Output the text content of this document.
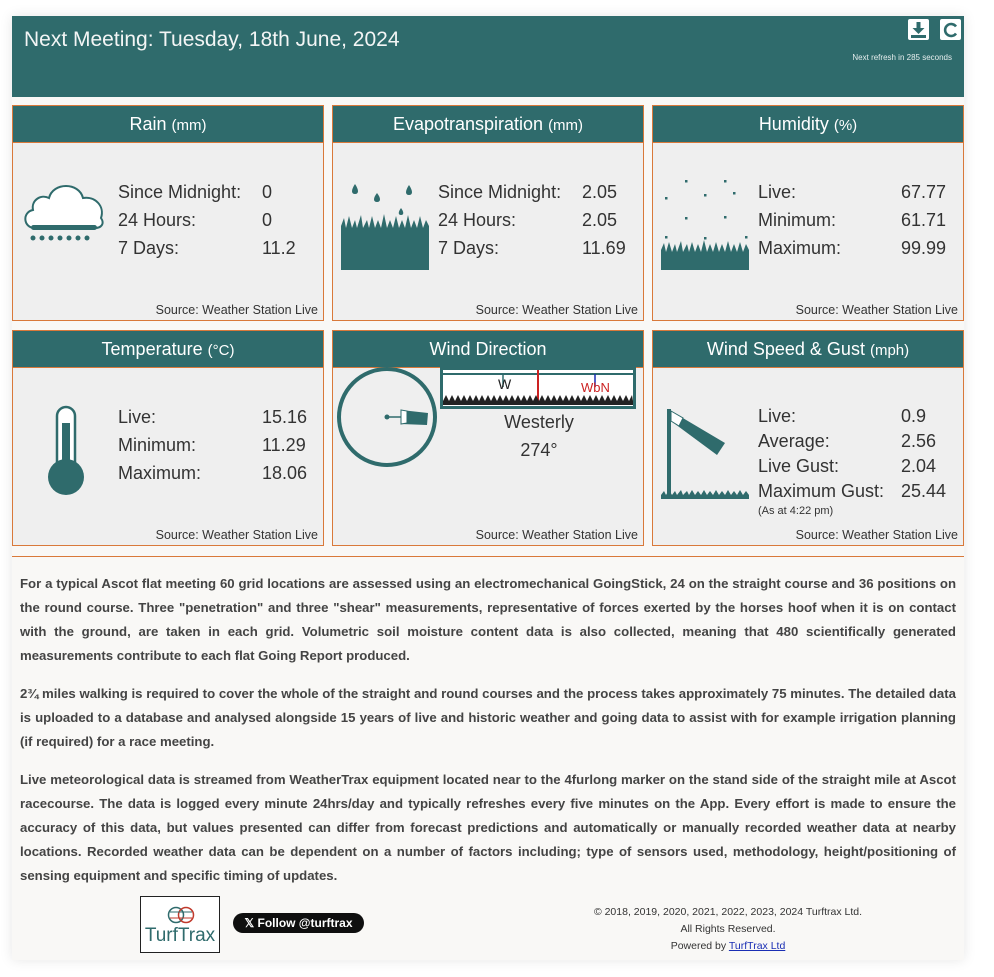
Next Meeting: Tuesday, 18th June, 2024
Next refresh in 285 seconds
Rain (mm)
Since Midnight: 0
24 Hours:	0
7 Days:	11.2
Source: Weather Station Live
Evapotranspiration (mm)
Since Midnight: 2.05
24 Hours:	2.05
7 Days:	11.69
Source: Weather Station Live
Humidity (%)
Live:	67.77
Minimum:	61.71
Maximum:	99.99
Source: Weather Station Live
Temperature (°C)
Live:	15.16
Minimum:	11.29
Maximum:	18.06
Source: Weather Station Live
Wind Direction
W	WbN
Westerly
274°
Source: Weather Station Live
Wind Speed & Gust (mph)
Live:	0.9
Average:	2.56
Live Gust:	2.04
Maximum Gust: 25.44
(As at 4:22 pm)
Source: Weather Station Live

For a typical Ascot flat meeting 60 grid locations are assessed using an electromechanical GoingStick, 24 on the straight course and 36 positions on the round course. Three "penetration" and three "shear" measurements, representative of forces exerted by the horses hoof when it is on contact with the ground, are taken in each grid. Volumetric soil moisture content data is also collected, meaning that 480 scientifically generated measurements contribute to each flat Going Report produced.

2¾ miles walking is required to cover the whole of the straight and round courses and the process takes approximately 75 minutes. The detailed data is uploaded to a database and analysed alongside 15 years of live and historic weather and going data to assist with for example irrigation planning (if required) for a race meeting.

Live meteorological data is streamed from WeatherTrax equipment located near to the 4furlong marker on the stand side of the straight mile at Ascot racecourse. The data is logged every minute 24hrs/day and typically refreshes every five minutes on the App. Every effort is made to ensure the accuracy of this data, but values presented can differ from forecast predictions and automatically or manually recorded weather data at nearby locations. Recorded weather data can be dependent on a number of factors including; type of sensors used, methodology, height/positioning of sensing equipment and specific timing of updates.

TurfTrax
𝕏 Follow @turftrax
© 2018, 2019, 2020, 2021, 2022, 2023, 2024 Turftrax Ltd.
All Rights Reserved.
Powered by TurfTrax Ltd
